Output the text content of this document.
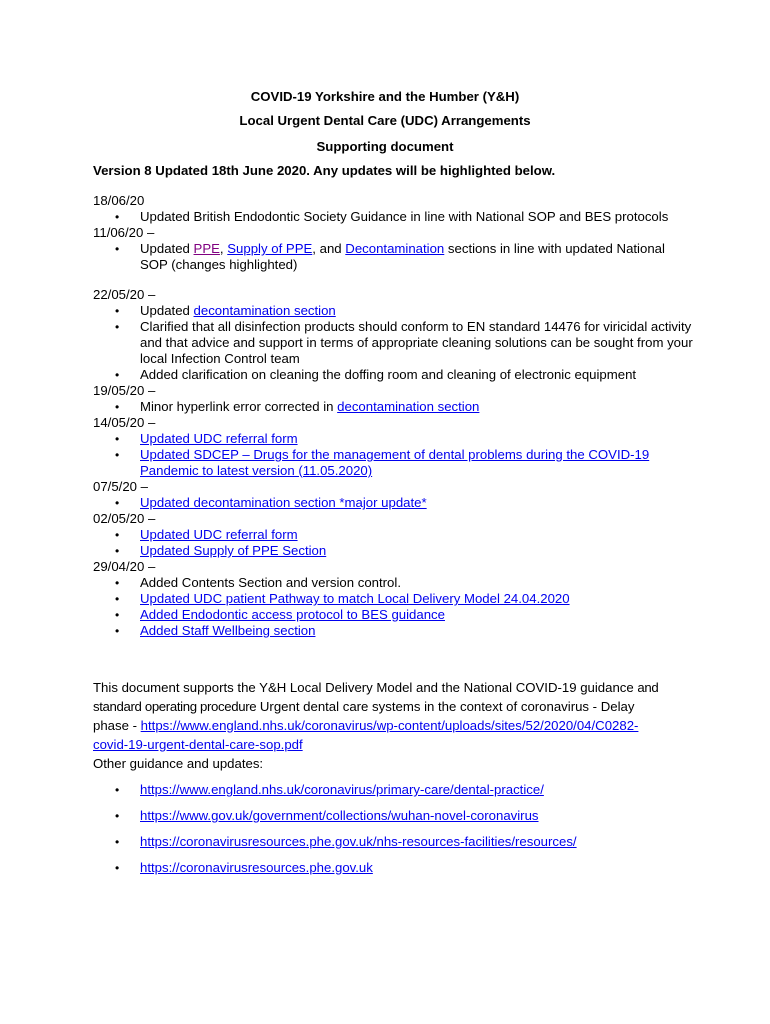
COVID-19 Yorkshire and the Humber (Y&H)
Local Urgent Dental Care (UDC) Arrangements
Supporting document
Version 8 Updated 18th June 2020. Any updates will be highlighted below.
18/06/20
• Updated British Endodontic Society Guidance in line with National SOP and BES protocols
11/06/20 –
• Updated PPE, Supply of PPE, and Decontamination sections in line with updated National SOP (changes highlighted)
22/05/20 –
• Updated decontamination section
• Clarified that all disinfection products should conform to EN standard 14476 for viricidal activity and that advice and support in terms of appropriate cleaning solutions can be sought from your local Infection Control team
• Added clarification on cleaning the doffing room and cleaning of electronic equipment
19/05/20 –
• Minor hyperlink error corrected in decontamination section
14/05/20 –
• Updated UDC referral form
• Updated SDCEP – Drugs for the management of dental problems during the COVID-19 Pandemic to latest version (11.05.2020)
07/5/20 –
• Updated decontamination section *major update*
02/05/20 –
• Updated UDC referral form
• Updated Supply of PPE Section
29/04/20 –
• Added Contents Section and version control.
• Updated UDC patient Pathway to match Local Delivery Model 24.04.2020
• Added Endodontic access protocol to BES guidance
• Added Staff Wellbeing section
This document supports the Y&H Local Delivery Model and the National COVID-19 guidance and standard operating procedure Urgent dental care systems in the context of coronavirus - Delay phase - https://www.england.nhs.uk/coronavirus/wp-content/uploads/sites/52/2020/04/C0282-covid-19-urgent-dental-care-sop.pdf
Other guidance and updates:
• https://www.england.nhs.uk/coronavirus/primary-care/dental-practice/
• https://www.gov.uk/government/collections/wuhan-novel-coronavirus
• https://coronavirusresources.phe.gov.uk/nhs-resources-facilities/resources/
• https://coronavirusresources.phe.gov.uk
